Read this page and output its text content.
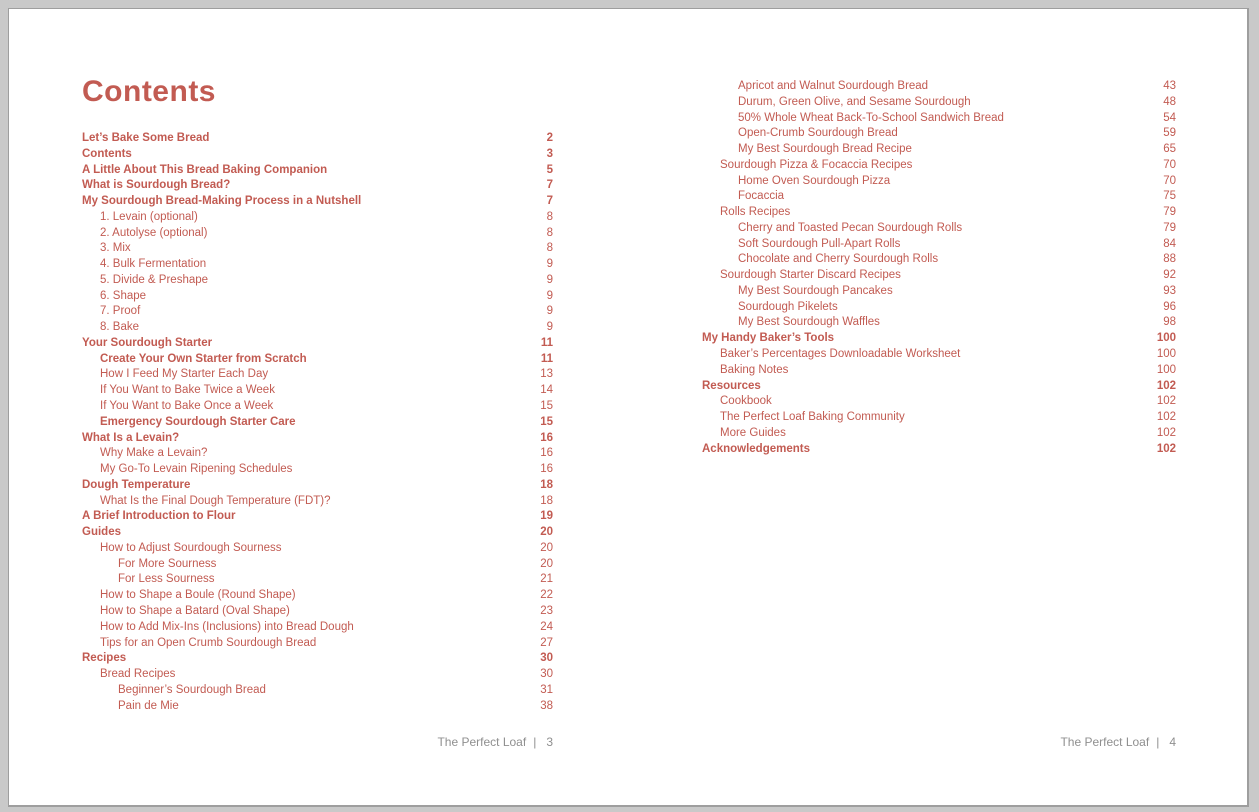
Contents
Let’s Bake Some Bread	2
Contents	3
A Little About This Bread Baking Companion	5
What is Sourdough Bread?	7
My Sourdough Bread-Making Process in a Nutshell	7
1. Levain (optional)	8
2. Autolyse (optional)	8
3. Mix	8
4. Bulk Fermentation	9
5. Divide & Preshape	9
6. Shape	9
7. Proof	9
8. Bake	9
Your Sourdough Starter	11
Create Your Own Starter from Scratch	11
How I Feed My Starter Each Day	13
If You Want to Bake Twice a Week	14
If You Want to Bake Once a Week	15
Emergency Sourdough Starter Care	15
What Is a Levain?	16
Why Make a Levain?	16
My Go-To Levain Ripening Schedules	16
Dough Temperature	18
What Is the Final Dough Temperature (FDT)?	18
A Brief Introduction to Flour	19
Guides	20
How to Adjust Sourdough Sourness	20
For More Sourness	20
For Less Sourness	21
How to Shape a Boule (Round Shape)	22
How to Shape a Batard (Oval Shape)	23
How to Add Mix-Ins (Inclusions) into Bread Dough	24
Tips for an Open Crumb Sourdough Bread	27
Recipes	30
Bread Recipes	30
Beginner’s Sourdough Bread	31
Pain de Mie	38
The Perfect Loaf | 3
Apricot and Walnut Sourdough Bread	43
Durum, Green Olive, and Sesame Sourdough	48
50% Whole Wheat Back-To-School Sandwich Bread	54
Open-Crumb Sourdough Bread	59
My Best Sourdough Bread Recipe	65
Sourdough Pizza & Focaccia Recipes	70
Home Oven Sourdough Pizza	70
Focaccia	75
Rolls Recipes	79
Cherry and Toasted Pecan Sourdough Rolls	79
Soft Sourdough Pull-Apart Rolls	84
Chocolate and Cherry Sourdough Rolls	88
Sourdough Starter Discard Recipes	92
My Best Sourdough Pancakes	93
Sourdough Pikelets	96
My Best Sourdough Waffles	98
My Handy Baker’s Tools	100
Baker’s Percentages Downloadable Worksheet	100
Baking Notes	100
Resources	102
Cookbook	102
The Perfect Loaf Baking Community	102
More Guides	102
Acknowledgements	102
The Perfect Loaf | 4
